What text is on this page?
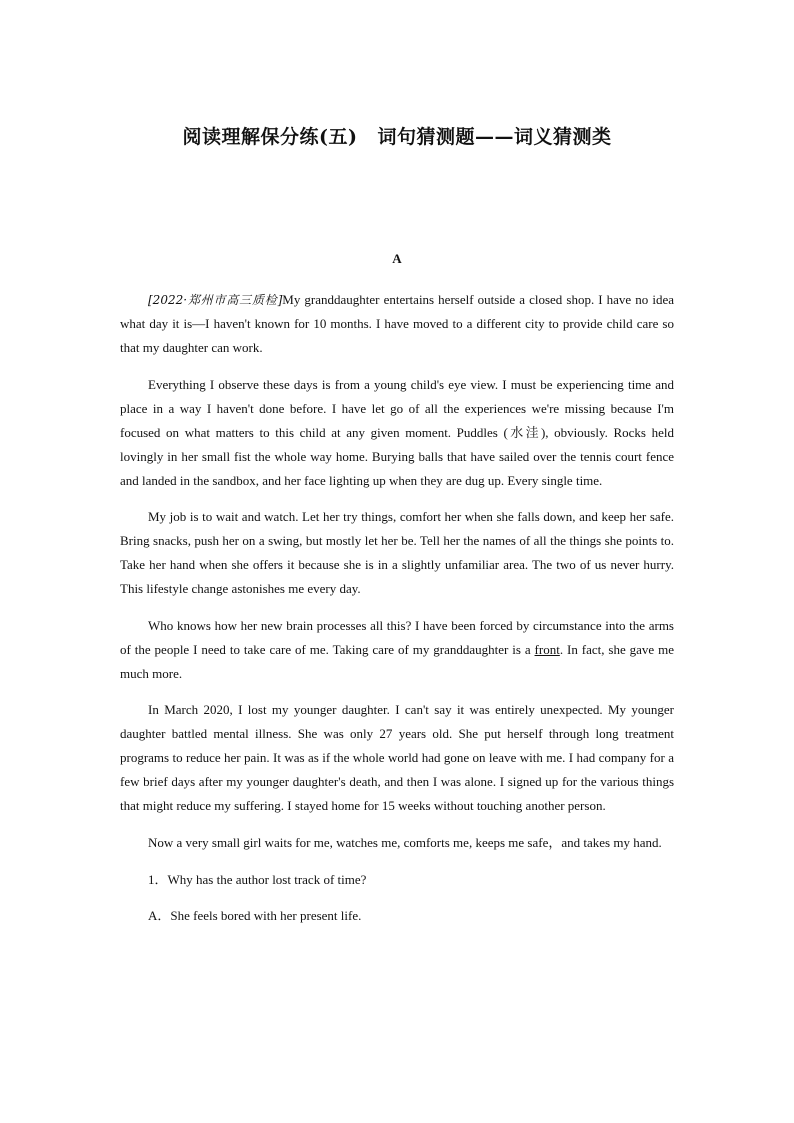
阅读理解保分练(五) 词句猜测题——词义猜测类
A

[2022·郑州市高三质检]My granddaughter entertains herself outside a closed shop. I have no idea what day it is—I haven't known for 10 months. I have moved to a different city to provide child care so that my daughter can work.

Everything I observe these days is from a young child's eye view. I must be experiencing time and place in a way I haven't done before. I have let go of all the experiences we're missing because I'm focused on what matters to this child at any given moment. Puddles (水洼), obviously. Rocks held lovingly in her small fist the whole way home. Burying balls that have sailed over the tennis court fence and landed in the sandbox, and her face lighting up when they are dug up. Every single time.

My job is to wait and watch. Let her try things, comfort her when she falls down, and keep her safe. Bring snacks, push her on a swing, but mostly let her be. Tell her the names of all the things she points to. Take her hand when she offers it because she is in a slightly unfamiliar area. The two of us never hurry. This lifestyle change astonishes me every day.

Who knows how her new brain processes all this? I have been forced by circumstance into the arms of the people I need to take care of me. Taking care of my granddaughter is a front. In fact, she gave me much more.

In March 2020, I lost my younger daughter. I can't say it was entirely unexpected. My younger daughter battled mental illness. She was only 27 years old. She put herself through long treatment programs to reduce her pain. It was as if the whole world had gone on leave with me. I had company for a few brief days after my younger daughter's death, and then I was alone. I signed up for the various things that might reduce my suffering. I stayed home for 15 weeks without touching another person.

Now a very small girl waits for me, watches me, comforts me, keeps me safe，and takes my hand.

1．Why has the author lost track of time?

A．She feels bored with her present life.
